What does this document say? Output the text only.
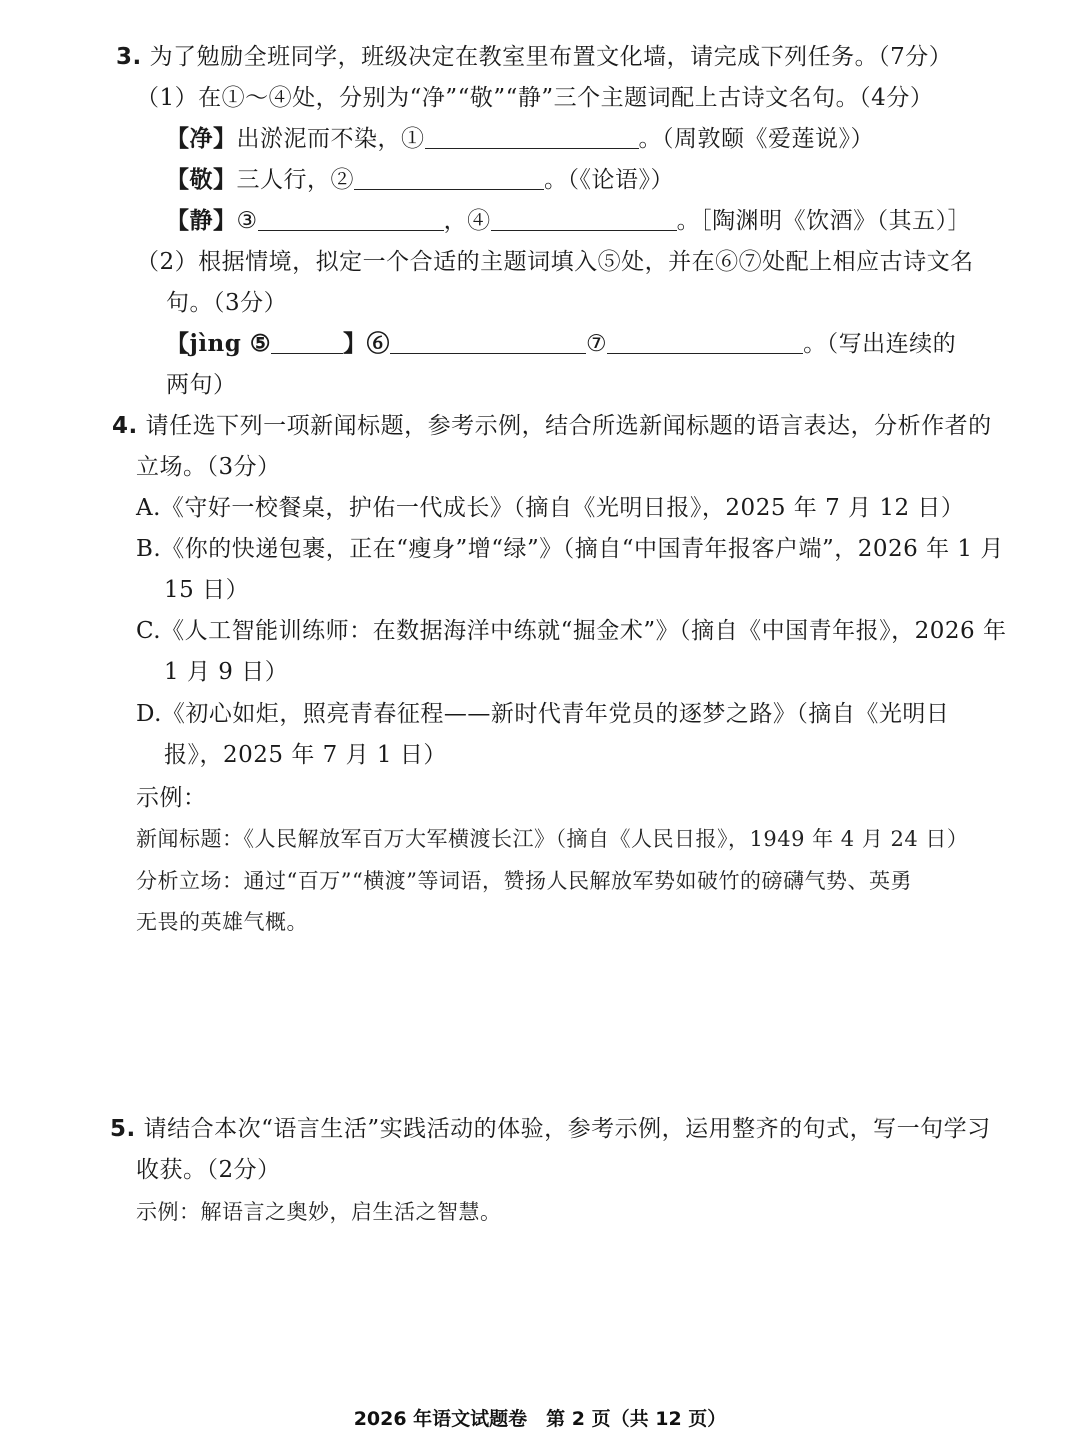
3. 为了勉励全班同学，班级决定在教室里布置文化墙，请完成下列任务。（7分）
（1）在①～④处，分别为“净”“敬”“静”三个主题词配上古诗文名句。（4分）
【净】出淤泥而不染，①	。（周敦颐《爱莲说》）
【敬】三人行，②	。（《论语》）
【静】③	，④	。［陶渊明《饮酒》（其五）］
（2）根据情境，拟定一个合适的主题词填入⑤处，并在⑥⑦处配上相应古诗文名
句。（3分）
【jìng ⑤	】⑥	⑦	。（写出连续的
两句）
4. 请任选下列一项新闻标题，参考示例，结合所选新闻标题的语言表达，分析作者的
立场。（3分）
A.《守好一校餐桌，护佑一代成长》（摘自《光明日报》，2025 年 7 月 12 日）
B.《你的快递包裹，正在“瘦身”增“绿”》（摘自“中国青年报客户端”，2026 年 1 月
15 日）
C.《人工智能训练师：在数据海洋中练就“掘金术”》（摘自《中国青年报》，2026 年
1 月 9 日）
D.《初心如炬，照亮青春征程——新时代青年党员的逐梦之路》（摘自《光明日
报》，2025 年 7 月 1 日）
示例：
新闻标题：《人民解放军百万大军横渡长江》（摘自《人民日报》，1949 年 4 月 24 日）
分析立场：通过“百万”“横渡”等词语，赞扬人民解放军势如破竹的磅礴气势、英勇
无畏的英雄气概。
5. 请结合本次“语言生活”实践活动的体验，参考示例，运用整齐的句式，写一句学习
收获。（2分）
示例：解语言之奥妙，启生活之智慧。
2026 年语文试题卷　第 2 页（共 12 页）
